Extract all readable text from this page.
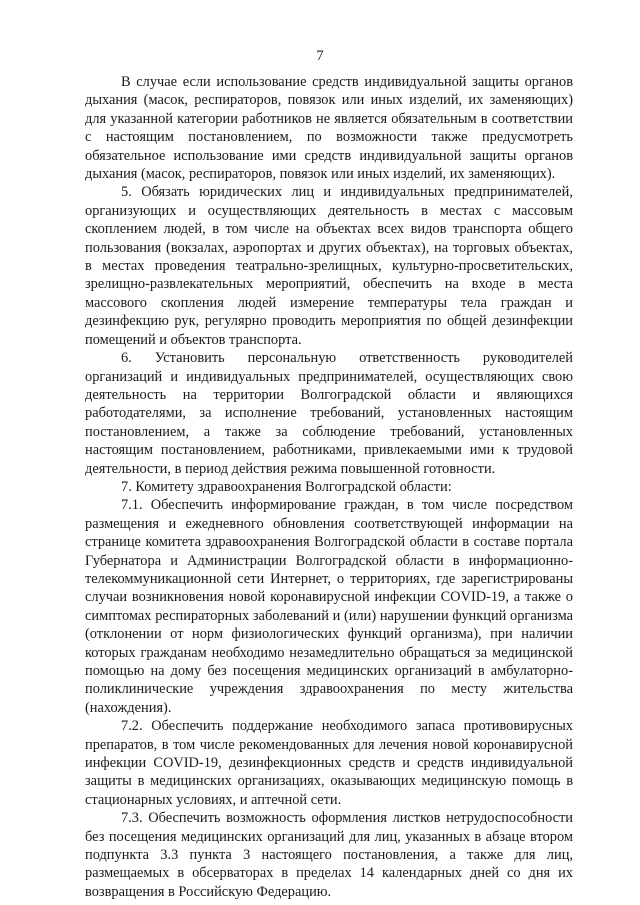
7

В случае если использование средств индивидуальной защиты органов дыхания (масок, респираторов, повязок или иных изделий, их заменяющих) для указанной категории работников не является обязательным в соответствии с настоящим постановлением, по возможности также предусмотреть обязательное использование ими средств индивидуальной защиты органов дыхания (масок, респираторов, повязок или иных изделий, их заменяющих).

5. Обязать юридических лиц и индивидуальных предпринимателей, организующих и осуществляющих деятельность в местах с массовым скоплением людей, в том числе на объектах всех видов транспорта общего пользования (вокзалах, аэропортах и других объектах), на торговых объектах, в местах проведения театрально-зрелищных, культурно-просветительских, зрелищно-развлекательных мероприятий, обеспечить на входе в места массового скопления людей измерение температуры тела граждан и дезинфекцию рук, регулярно проводить мероприятия по общей дезинфекции помещений и объектов транспорта.

6. Установить персональную ответственность руководителей организаций и индивидуальных предпринимателей, осуществляющих свою деятельность на территории Волгоградской области и являющихся работодателями, за исполнение требований, установленных настоящим постановлением, а также за соблюдение требований, установленных настоящим постановлением, работниками, привлекаемыми ими к трудовой деятельности, в период действия режима повышенной готовности.

7. Комитету здравоохранения Волгоградской области:

7.1. Обеспечить информирование граждан, в том числе посредством размещения и ежедневного обновления соответствующей информации на странице комитета здравоохранения Волгоградской области в составе портала Губернатора и Администрации Волгоградской области в информационно-телекоммуникационной сети Интернет, о территориях, где зарегистрированы случаи возникновения новой коронавирусной инфекции COVID-19, а также о симптомах респираторных заболеваний и (или) нарушении функций организма (отклонении от норм физиологических функций организма), при наличии которых гражданам необходимо незамедлительно обращаться за медицинской помощью на дому без посещения медицинских организаций в амбулаторно-поликлинические учреждения здравоохранения по месту жительства (нахождения).

7.2. Обеспечить поддержание необходимого запаса противовирусных препаратов, в том числе рекомендованных для лечения новой коронавирусной инфекции COVID-19, дезинфекционных средств и средств индивидуальной защиты в медицинских организациях, оказывающих медицинскую помощь в стационарных условиях, и аптечной сети.

7.3. Обеспечить возможность оформления листков нетрудоспособности без посещения медицинских организаций для лиц, указанных в абзаце втором подпункта 3.3 пункта 3 настоящего постановления, а также для лиц, размещаемых в обсерваторах в пределах 14 календарных дней со дня их возвращения в Российскую Федерацию.
